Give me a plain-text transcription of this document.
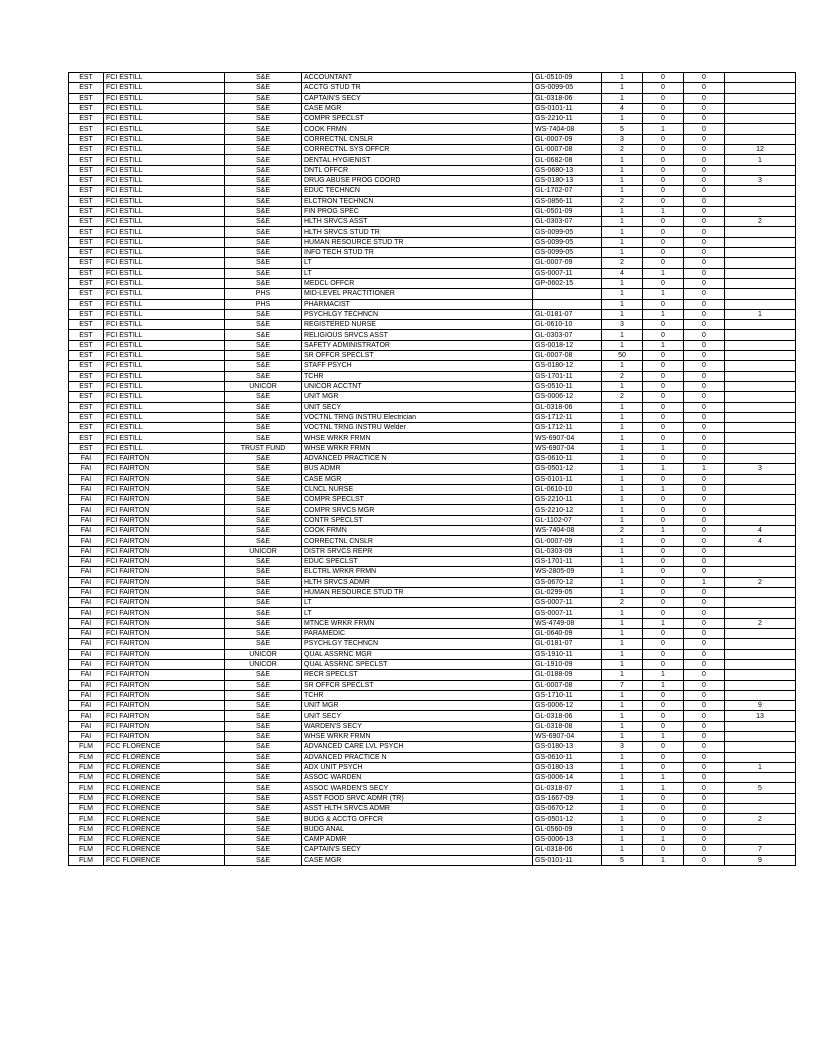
EST	FCI ESTILL	S&E	ACCOUNTANT	GL-0510-09	1	0	0	
EST	FCI ESTILL	S&E	ACCTG STUD TR	GS-0099-05	1	0	0	
EST	FCI ESTILL	S&E	CAPTAIN'S SECY	GL-0318-06	1	0	0	
EST	FCI ESTILL	S&E	CASE MGR	GS-0101-11	4	0	0	
EST	FCI ESTILL	S&E	COMPR SPECLST	GS-2210-11	1	0	0	
EST	FCI ESTILL	S&E	COOK FRMN	WS-7404-08	5	1	0	
EST	FCI ESTILL	S&E	CORRECTNL CNSLR	GL-0007-09	3	0	0	
EST	FCI ESTILL	S&E	CORRECTNL SYS OFFCR	GL-0007-08	2	0	0	12
EST	FCI ESTILL	S&E	DENTAL HYGIENIST	GL-0682-08	1	0	0	1
EST	FCI ESTILL	S&E	DNTL OFFCR	GS-0680-13	1	0	0	
EST	FCI ESTILL	S&E	DRUG ABUSE PROG COORD	GS-0180-13	1	0	0	3
EST	FCI ESTILL	S&E	EDUC TECHNCN	GL-1702-07	1	0	0	
EST	FCI ESTILL	S&E	ELCTRON TECHNCN	GS-0856-11	2	0	0	
EST	FCI ESTILL	S&E	FIN PROG SPEC	GL-0501-09	1	1	0	
EST	FCI ESTILL	S&E	HLTH SRVCS ASST	GL-0303-07	1	0	0	2
EST	FCI ESTILL	S&E	HLTH SRVCS STUD TR	GS-0099-05	1	0	0	
EST	FCI ESTILL	S&E	HUMAN RESOURCE STUD TR	GS-0099-05	1	0	0	
EST	FCI ESTILL	S&E	INFO TECH STUD TR	GS-0099-05	1	0	0	
EST	FCI ESTILL	S&E	LT	GL-0007-09	2	0	0	
EST	FCI ESTILL	S&E	LT	GS-0007-11	4	1	0	
EST	FCI ESTILL	S&E	MEDCL OFFCR	GP-0602-15	1	0	0	
EST	FCI ESTILL	PHS	MID-LEVEL PRACTITIONER		1	1	0	
EST	FCI ESTILL	PHS	PHARMACIST		1	0	0	
EST	FCI ESTILL	S&E	PSYCHLGY TECHNCN	GL-0181-07	1	1	0	1
EST	FCI ESTILL	S&E	REGISTERED NURSE	GL-0610-10	3	0	0	
EST	FCI ESTILL	S&E	RELIGIOUS SRVCS ASST	GL-0303-07	1	0	0	
EST	FCI ESTILL	S&E	SAFETY ADMINISTRATOR	GS-0018-12	1	1	0	
EST	FCI ESTILL	S&E	SR OFFCR SPECLST	GL-0007-08	50	0	0	
EST	FCI ESTILL	S&E	STAFF PSYCH	GS-0180-12	1	0	0	
EST	FCI ESTILL	S&E	TCHR	GS-1701-11	2	0	0	
EST	FCI ESTILL	UNICOR	UNICOR ACCTNT	GS-0510-11	1	0	0	
EST	FCI ESTILL	S&E	UNIT MGR	GS-0006-12	2	0	0	
EST	FCI ESTILL	S&E	UNIT SECY	GL-0318-06	1	0	0	
EST	FCI ESTILL	S&E	VOCTNL TRNG INSTRU Electrician	GS-1712-11	1	0	0	
EST	FCI ESTILL	S&E	VOCTNL TRNG INSTRU Welder	GS-1712-11	1	0	0	
EST	FCI ESTILL	S&E	WHSE WRKR FRMN	WS-6907-04	1	0	0	
EST	FCI ESTILL	TRUST FUND	WHSE WRKR FRMN	WS-6907-04	1	1	0	
FAI	FCI FAIRTON	S&E	ADVANCED PRACTICE N	GS-0610-11	1	0	0	
FAI	FCI FAIRTON	S&E	BUS ADMR	GS-0501-12	1	1	1	3
FAI	FCI FAIRTON	S&E	CASE MGR	GS-0101-11	1	0	0	
FAI	FCI FAIRTON	S&E	CLNCL NURSE	GL-0610-10	1	1	0	
FAI	FCI FAIRTON	S&E	COMPR SPECLST	GS-2210-11	1	0	0	
FAI	FCI FAIRTON	S&E	COMPR SRVCS MGR	GS-2210-12	1	0	0	
FAI	FCI FAIRTON	S&E	CONTR SPECLST	GL-1102-07	1	0	0	
FAI	FCI FAIRTON	S&E	COOK FRMN	WS-7404-08	2	1	0	4
FAI	FCI FAIRTON	S&E	CORRECTNL CNSLR	GL-0007-09	1	0	0	4
FAI	FCI FAIRTON	UNICOR	DISTR SRVCS REPR	GL-0303-09	1	0	0	
FAI	FCI FAIRTON	S&E	EDUC SPECLST	GS-1701-11	1	0	0	
FAI	FCI FAIRTON	S&E	ELCTRL WRKR FRMN	WS-2805-09	1	0	0	
FAI	FCI FAIRTON	S&E	HLTH SRVCS ADMR	GS-0670-12	1	0	1	2
FAI	FCI FAIRTON	S&E	HUMAN RESOURCE STUD TR	GL-0299-05	1	0	0	
FAI	FCI FAIRTON	S&E	LT	GS-0007-11	2	0	0	
FAI	FCI FAIRTON	S&E	LT	GS-0007-11	1	0	0	
FAI	FCI FAIRTON	S&E	MTNCE WRKR FRMN	WS-4749-08	1	1	0	2
FAI	FCI FAIRTON	S&E	PARAMEDIC	GL-0640-09	1	0	0	
FAI	FCI FAIRTON	S&E	PSYCHLGY TECHNCN	GL-0181-07	1	0	0	
FAI	FCI FAIRTON	UNICOR	QUAL ASSRNC MGR	GS-1910-11	1	0	0	
FAI	FCI FAIRTON	UNICOR	QUAL ASSRNC SPECLST	GL-1910-09	1	0	0	
FAI	FCI FAIRTON	S&E	RECR SPECLST	GL-0188-09	1	1	0	
FAI	FCI FAIRTON	S&E	SR OFFCR SPECLST	GL-0007-08	7	1	0	
FAI	FCI FAIRTON	S&E	TCHR	GS-1710-11	1	0	0	
FAI	FCI FAIRTON	S&E	UNIT MGR	GS-0006-12	1	0	0	9
FAI	FCI FAIRTON	S&E	UNIT SECY	GL-0318-06	1	0	0	13
FAI	FCI FAIRTON	S&E	WARDEN'S SECY	GL-0318-08	1	0	0	
FAI	FCI FAIRTON	S&E	WHSE WRKR FRMN	WS-6907-04	1	1	0	
FLM	FCC FLORENCE	S&E	ADVANCED CARE LVL PSYCH	GS-0180-13	3	0	0	
FLM	FCC FLORENCE	S&E	ADVANCED PRACTICE N	GS-0610-11	1	0	0	
FLM	FCC FLORENCE	S&E	ADX UNIT PSYCH	GS-0180-13	1	0	0	1
FLM	FCC FLORENCE	S&E	ASSOC WARDEN	GS-0006-14	1	1	0	
FLM	FCC FLORENCE	S&E	ASSOC WARDEN'S SECY	GL-0318-07	1	1	0	5
FLM	FCC FLORENCE	S&E	ASST FOOD SRVC ADMR (TR)	GS-1667-09	1	0	0	
FLM	FCC FLORENCE	S&E	ASST HLTH SRVCS ADMR	GS-0670-12	1	0	0	
FLM	FCC FLORENCE	S&E	BUDG & ACCTG OFFCR	GS-0501-12	1	0	0	2
FLM	FCC FLORENCE	S&E	BUDG ANAL	GL-0560-09	1	0	0	
FLM	FCC FLORENCE	S&E	CAMP ADMR	GS-0006-13	1	1	0	
FLM	FCC FLORENCE	S&E	CAPTAIN'S SECY	GL-0318-06	1	0	0	7
FLM	FCC FLORENCE	S&E	CASE MGR	GS-0101-11	5	1	0	9
